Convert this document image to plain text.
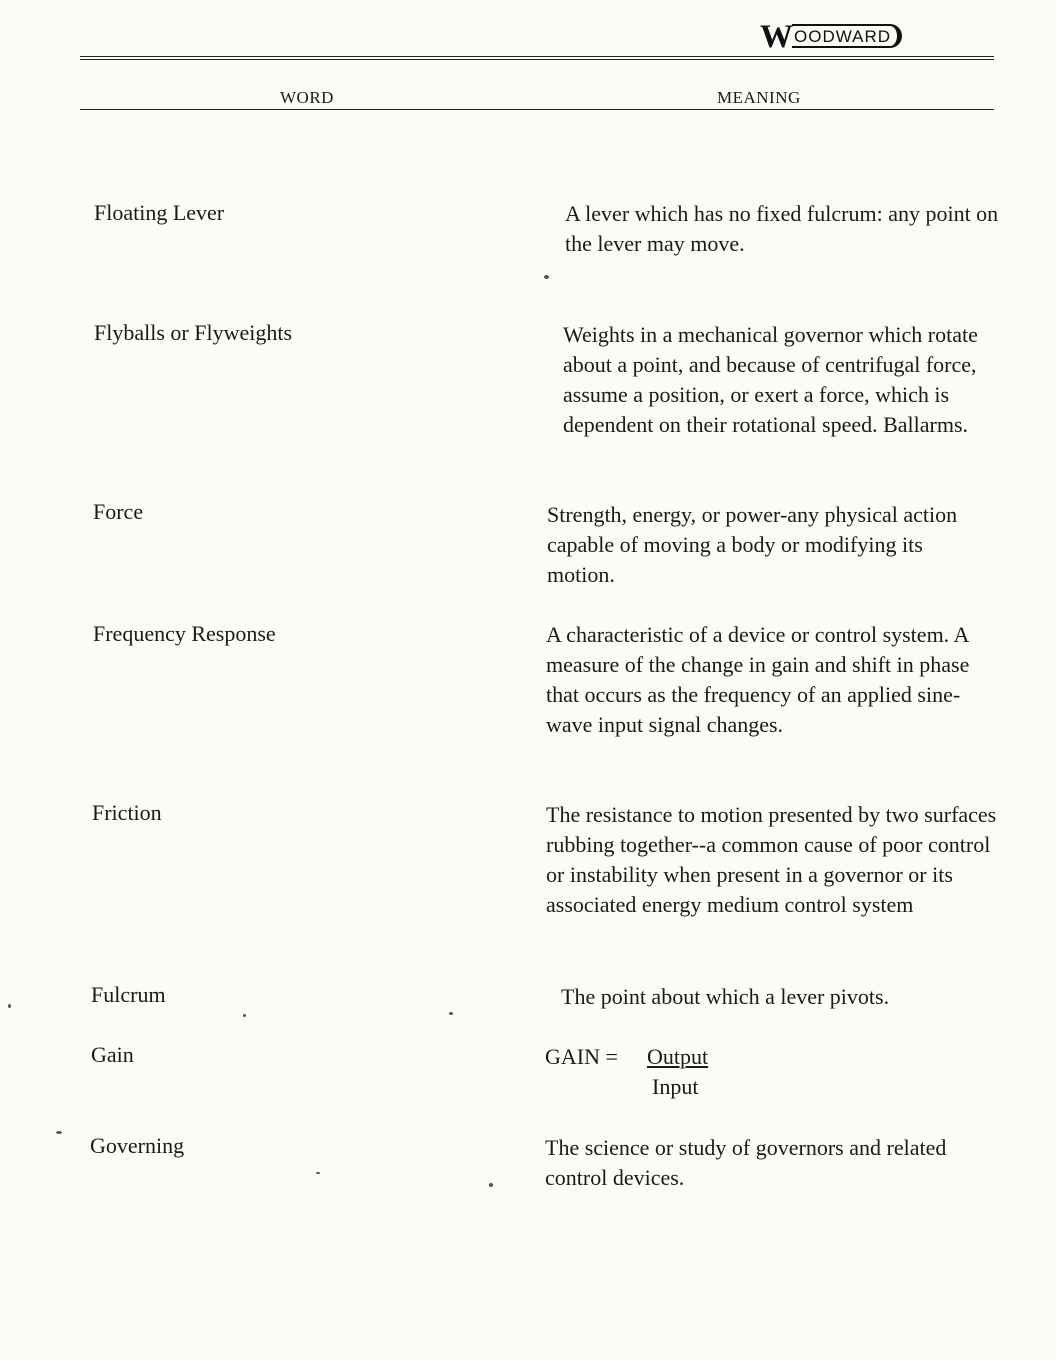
W OODWARD
WORD	MEANING
Floating Lever	A lever which has no fixed fulcrum: any point on the lever may move.
Flyballs or Flyweights	Weights in a mechanical governor which rotate about a point, and because of centrifugal force, assume a position, or exert a force, which is dependent on their rotational speed. Ballarms.
Force	Strength, energy, or power-any physical action capable of moving a body or modifying its motion.
Frequency Response	A characteristic of a device or control system. A measure of the change in gain and shift in phase that occurs as the frequency of an applied sine-wave input signal changes.
Friction	The resistance to motion presented by two surfaces rubbing together--a common cause of poor control or instability when present in a governor or its associated energy medium control system
Fulcrum	The point about which a lever pivots.
Gain	GAIN = Output
Input
Governing	The science or study of governors and related control devices.
